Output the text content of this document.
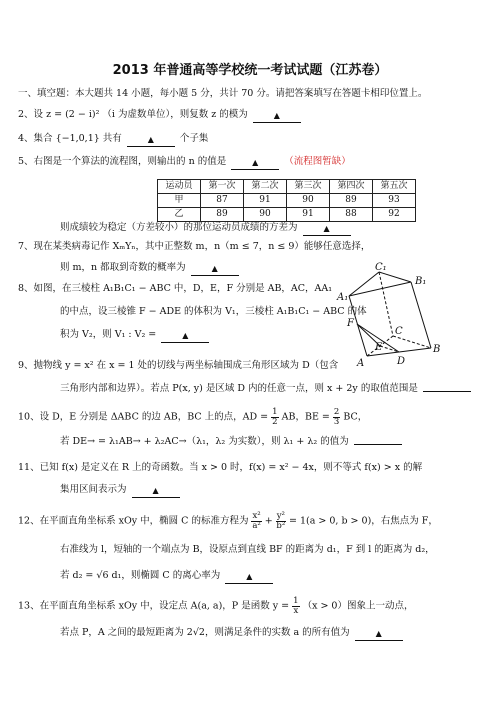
2013 年普通高等学校统一考试试题（江苏卷）
一、填空题：本大题共 14 小题，每小题 5 分，共计 70 分。请把答案填写在答题卡相印位置上。
2、设 z = (2 − i)² （i 为虚数单位），则复数 z 的模为	▲
4、集合 {−1,0,1} 共有	▲	个子集
5、右图是一个算法的流程图，则输出的 n 的值是	▲	（流程图暂缺）
运动员	第一次	第二次	第三次	第四次	第五次
甲	87	91	90	89	93
乙	89	90	91	88	92
则成绩较为稳定（方差较小）的那位运动员成绩的方差为	▲
7、现在某类病毒记作 XₘYₙ，其中正整数 m，n（m ≤ 7，n ≤ 9）能够任意选择，
则 m，n 都取到奇数的概率为	▲
8、如图，在三棱柱 A₁B₁C₁ − ABC 中，D，E，F 分别是 AB，AC，AA₁
的中点，设三棱锥 F − ADE 的体积为 V₁，三棱柱 A₁B₁C₁ − ABC 的体
积为 V₂，则 V₁ : V₂ =	▲
C₁
B₁
A₁
F
C
E
A	D
B
9、抛物线 y = x² 在 x = 1 处的切线与两坐标轴围成三角形区域为 D（包含
三角形内部和边界）。若点 P(x, y) 是区域 D 内的任意一点，则 x + 2y 的取值范围是
10、设 D，E 分别是 ΔABC 的边 AB，BC 上的点，AD = $\frac{1}{2}$ AB，BE = $\frac{2}{3}$ BC，
若 DE→ = λ₁AB→ + λ₂AC→（λ₁，λ₂ 为实数），则 λ₁ + λ₂ 的值为
11、已知 f(x) 是定义在 R 上的奇函数。当 x > 0 时，f(x) = x² − 4x，则不等式 f(x) > x 的解
集用区间表示为	▲
12、在平面直角坐标系 xOy 中，椭圆 C 的标准方程为 $\frac{\text{x²}}{\text{a²}} + \frac{\text{y²}}{\text{b²}} = 1(a > 0$, b > 0)，右焦点为 F，
右准线为 l，短轴的一个端点为 B，设原点到直线 BF 的距离为 d₁，F 到 l 的距离为 d₂，
若 d₂ = √6 d₁，则椭圆 C 的离心率为	▲
13、在平面直角坐标系 xOy 中，设定点 A(a, a)，P 是函数 $y = \frac{1}{x} (x > 0)$图象上一动点，
若点 P，A 之间的最短距离为 2√2，则满足条件的实数 a 的所有值为	▲
